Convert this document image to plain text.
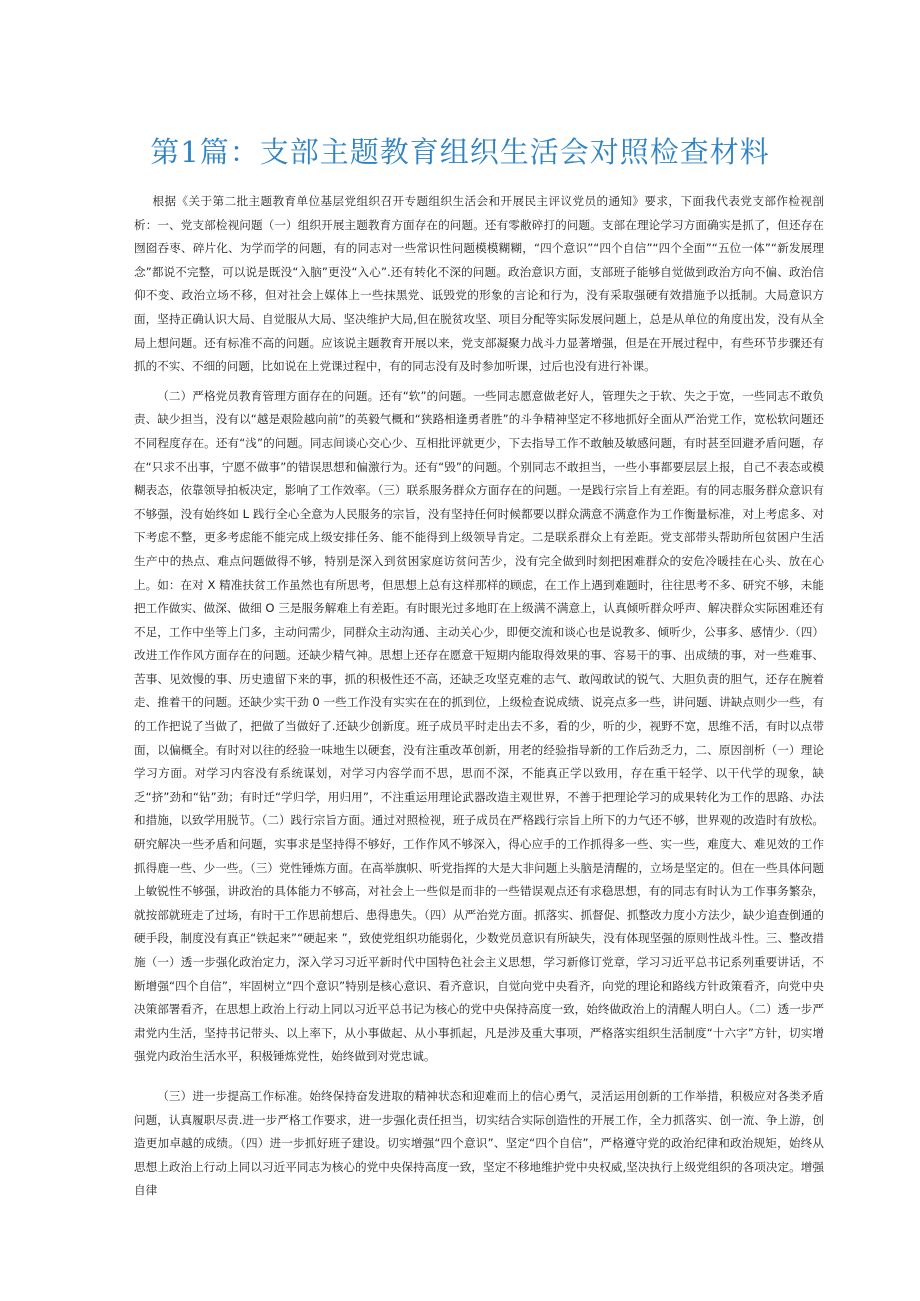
第1篇：支部主题教育组织生活会对照检查材料

根据《关于第二批主题教育单位基层党组织召开专题组织生活会和开展民主评议党员的通知》要求，下面我代表党支部作检视剖析：一、党支部检视问题（一）组织开展主题教育方面存在的问题。还有零敝碎打的问题。支部在理论学习方面确实是抓了，但还存在囫囵吞枣、碎片化、为学而学的问题，有的同志对一些常识性问题模模糊糊，“四个意识”“四个自信”“四个全面”“五位一体”“新发展理念”都说不完整，可以说是既没“入脑”更没“入心”.还有转化不深的问题。政治意识方面，支部班子能够自觉做到政治方向不偏、政治信仰不变、政治立场不移，但对社会上媒体上一些抹黑党、诋毁党的形象的言论和行为，没有采取强硬有效措施予以抵制。大局意识方面，坚持正确认识大局、自觉服从大局、坚决维护大局,但在脱贫攻坚、项目分配等实际发展问题上，总是从单位的角度出发，没有从全局上想问题。还有标准不高的问题。应该说主题教育开展以来，党支部凝聚力战斗力显著增强，但是在开展过程中，有些环节步骤还有抓的不实、不细的问题，比如说在上党课过程中，有的同志没有及时参加听课，过后也没有进行补课。

（二）严格党员教育管理方面存在的问题。还有“软”的问题。一些同志愿意做老好人，管理失之于软、失之于宽，一些同志不敢负责、缺少担当，没有以“越是艰险越向前”的英毅气概和“狭路相逢勇者胜”的斗争精神坚定不移地抓好全面从严治党工作，宽松软问题还不同程度存在。还有“浅”的问题。同志间谈心交心少、互相批评就更少，下去指导工作不敢触及敏感问题，有时甚至回避矛盾问题，存在“只求不出事，宁愿不做事”的错误思想和偏激行为。还有“毁”的问题。个别同志不敢担当，一些小事都要层层上报，自己不表态或模糊表态，依靠领导拍板决定，影响了工作效率。（三）联系服务群众方面存在的问题。一是践行宗旨上有差距。有的同志服务群众意识有不够强，没有始终如 L 践行全心全意为人民服务的宗旨，没有坚持任何时候都要以群众满意不满意作为工作衡量标准，对上考虑多、对下考虑不整，更多考虑能不能完成上级安排任务、能不能得到上级领导肯定。二是联系群众上有差距。党支部带头帮助所包贫困户生活生产中的热点、难点问题做得不够，特别是深入到贫困家庭访贫问苦少，没有完全做到时刻把困难群众的安危冷暖挂在心头、放在心上。如：在对 X 精准扶贫工作虽然也有所思考，但思想上总有这样那样的顾虑，在工作上遇到难题时，往往思考不多、研究不够，未能把工作做实、做深、做细 O 三是服务解难上有差距。有时眼光过多地盯在上级满不满意上，认真倾听群众呼声、解决群众实际困难还有不足，工作中坐等上门多，主动问需少，同群众主动沟通、主动关心少，即便交流和谈心也是说教多、倾听少，公事多、感情少.（四）改进工作作风方面存在的问题。还缺少精气神。思想上还存在愿意干短期内能取得效果的事、容易干的事、出成绩的事，对一些难事、苦事、见效慢的事、历史遗留下来的事，抓的积极性还不高，还缺乏攻坚克难的志气、敢闯敢试的锐气、大胆负责的胆气，还存在腕着走、推着干的问题。还缺少实干劲 0 一些工作没有实实在在的抓到位，上级检查说成绩、说亮点多一些，讲问题、讲缺点则少一些，有的工作把说了当做了，把做了当做好了.还缺少创新度。班子成员平时走出去不多，看的少，听的少，视野不宽，思维不活，有时以点带面，以偏概全。有时对以往的经验一味地生以硬套，没有注重改革创新，用老的经验指导新的工作后劲乏力，二、原因剖析（一）理论学习方面。对学习内容没有系统谋划，对学习内容学而不思，思而不深，不能真正学以致用，存在重干轻学、以干代学的现象，缺乏“挤”劲和“钻”劲；有时迁“学归学，用归用”，不注重运用理论武器改造主观世界，不善于把理论学习的成果转化为工作的思路、办法和措施，以致学用脱节。（二）践行宗旨方面。通过对照检视，班子成员在严格践行宗旨上所下的力气还不够，世界观的改造时有放松。研究解决一些矛盾和问题，实事求是坚持得不够好，工作作风不够深入，得心应手的工作抓得多一些、实一些，难度大、难见效的工作抓得鹿一些、少一些。（三）党性锤炼方面。在高举旗帜、听党指挥的大是大非问题上头脑是清醒的，立场是坚定的。但在一些具体问题上敏锐性不够强，讲政治的具体能力不够高，对社会上一些似是而非的一些错误观点还有求稳思想，有的同志有时认为工作事务繁杂，就按部就班走了过场，有时干工作思前想后、患得患失。（四）从严治党方面。抓落实、抓督促、抓整改力度小方法少，缺少追查倒通的硬手段，制度没有真正“铁起来”“硬起来 ”，致使党组织功能弱化，少数党员意识有所缺失，没有体现坚强的原则性战斗性。三、整改措施（一）透一步强化政治定力，深入学习习近平新时代中国特色社会主义思想，学习新修订党章，学习习近平总书记系列重要讲话，不断增强“四个自信”，牢固树立“四个意识”特别是核心意识、看齐意识，自觉向党中央看齐，向党的理论和路线方针政策看齐，向党中央决策部署看齐，在思想上政治上行动上同以习近平总书记为核心的党中央保持高度一致，始终做政治上的清醒人明白人。（二）透一步严肃党内生活，坚持书记带头、以上率下，从小事做起、从小事抓起，凡是涉及重大事项，严格落实组织生活制度“十六字”方针，切实增强党内政治生活水平，积极锤炼党性，始终做到对党忠诚。

（三）进一步提高工作标准。始终保持奋发进取的精神状态和迎难而上的信心勇气，灵活运用创新的工作举措，积极应对各类矛盾问题，认真履职尽责.进一步严格工作要求，进一步强化责任担当，切实结合实际创造性的开展工作，全力抓落实、创一流、争上游，创造更加卓越的成绩。（四）进一步抓好班子建设。切实增强“四个意识”、坚定“四个自信”，严格遵守党的政治纪律和政治规矩，始终从思想上政治上行动上同以习近平同志为核心的党中央保持高度一致，坚定不移地维护党中央权威,坚决执行上级党组织的各项决定。增强自律
